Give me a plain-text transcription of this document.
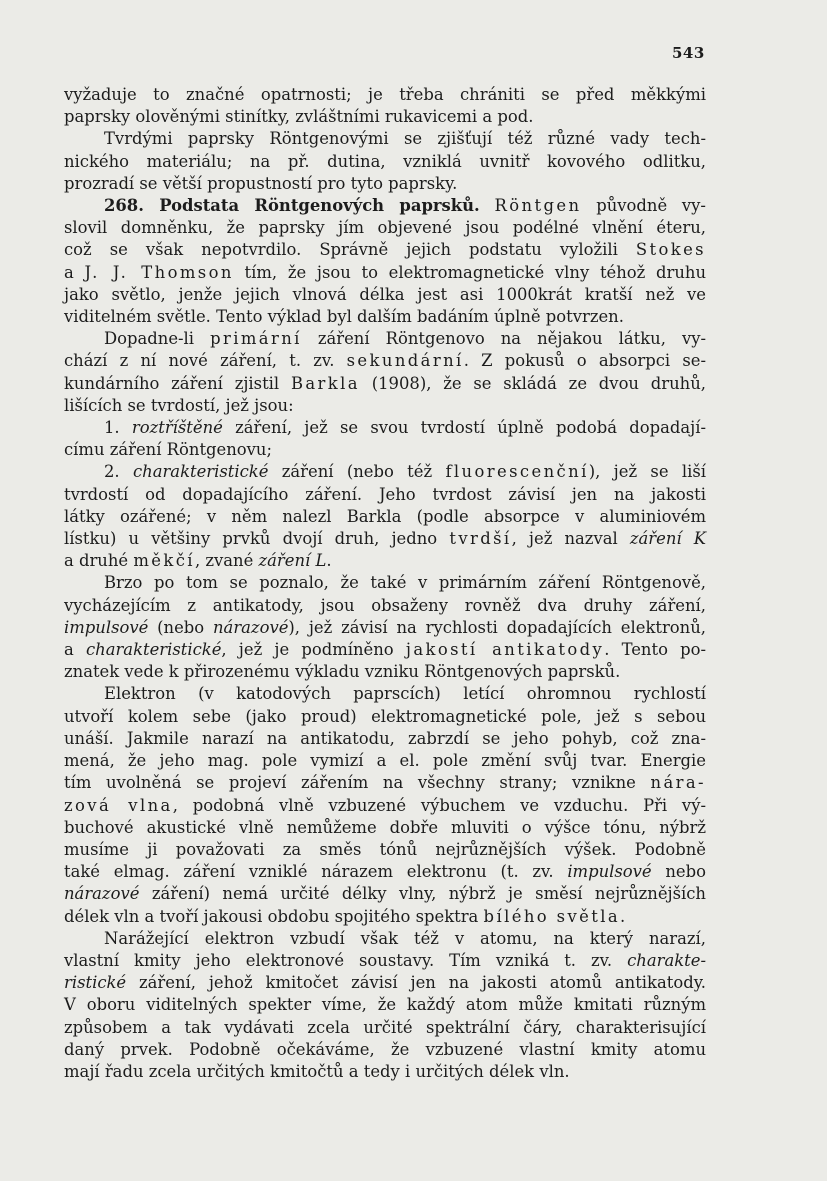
543
vyžaduje to značné opatrnosti; je třeba chrániti se před měkkými
paprsky olověnými stinítky, zvláštními rukavicemi a pod.
Tvrdými paprsky Röntgenovými se zjišťují též různé vady tech-
nického materiálu; na př. dutina, vzniklá uvnitř kovového odlitku,
prozradí se větší propustností pro tyto paprsky.
268. Podstata Röntgenových paprsků. Röntgen původně vy-
slovil domněnku, že paprsky jím objevené jsou podélné vlnění éteru,
což se však nepotvrdilo. Správně jejich podstatu vyložili Stokes
a J. J. Thomson tím, že jsou to elektromagnetické vlny téhož druhu
jako světlo, jenže jejich vlnová délka jest asi 1000krát kratší než ve
viditelném světle. Tento výklad byl dalším badáním úplně potvrzen.
Dopadne-li primární záření Röntgenovo na nějakou látku, vy-
chází z ní nové záření, t. zv. sekundární. Z pokusů o absorpci se-
kundárního záření zjistil Barkla (1908), že se skládá ze dvou druhů,
lišících se tvrdostí, jež jsou:
1. roztříštěné záření, jež se svou tvrdostí úplně podobá dopadají-
címu záření Röntgenovu;
2. charakteristické záření (nebo též fluorescenční), jež se liší
tvrdostí od dopadajícího záření. Jeho tvrdost závisí jen na jakosti
látky ozářené; v něm nalezl Barkla (podle absorpce v aluminiovém
lístku) u většiny prvků dvojí druh, jedno tvrdší, jež nazval záření K
a druhé měkčí, zvané záření L.
Brzo po tom se poznalo, že také v primárním záření Röntgenově,
vycházejícím z antikatody, jsou obsaženy rovněž dva druhy záření,
impulsové (nebo nárazové), jež závisí na rychlosti dopadajících elektronů,
a charakteristické, jež je podmíněno jakostí antikatody. Tento po-
znatek vede k přirozenému výkladu vzniku Röntgenových paprsků.
Elektron (v katodových paprscích) letící ohromnou rychlostí
utvoří kolem sebe (jako proud) elektromagnetické pole, jež s sebou
unáší. Jakmile narazí na antikatodu, zabrzdí se jeho pohyb, což zna-
mená, že jeho mag. pole vymizí a el. pole změní svůj tvar. Energie
tím uvolněná se projeví zářením na všechny strany; vznikne nára-
zová vlna, podobná vlně vzbuzené výbuchem ve vzduchu. Při vý-
buchové akustické vlně nemůžeme dobře mluviti o výšce tónu, nýbrž
musíme ji považovati za směs tónů nejrůznějších výšek. Podobně
také elmag. záření vzniklé nárazem elektronu (t. zv. impulsové nebo
nárazové záření) nemá určité délky vlny, nýbrž je směsí nejrůznějších
délek vln a tvoří jakousi obdobu spojitého spektra bílého světla.
Narážející elektron vzbudí však též v atomu, na který narazí,
vlastní kmity jeho elektronové soustavy. Tím vzniká t. zv. charakte-
ristické záření, jehož kmitočet závisí jen na jakosti atomů antikatody.
V oboru viditelných spekter víme, že každý atom může kmitati různým
způsobem a tak vydávati zcela určité spektrální čáry, charakterisující
daný prvek. Podobně očekáváme, že vzbuzené vlastní kmity atomu
mají řadu zcela určitých kmitočtů a tedy i určitých délek vln.
